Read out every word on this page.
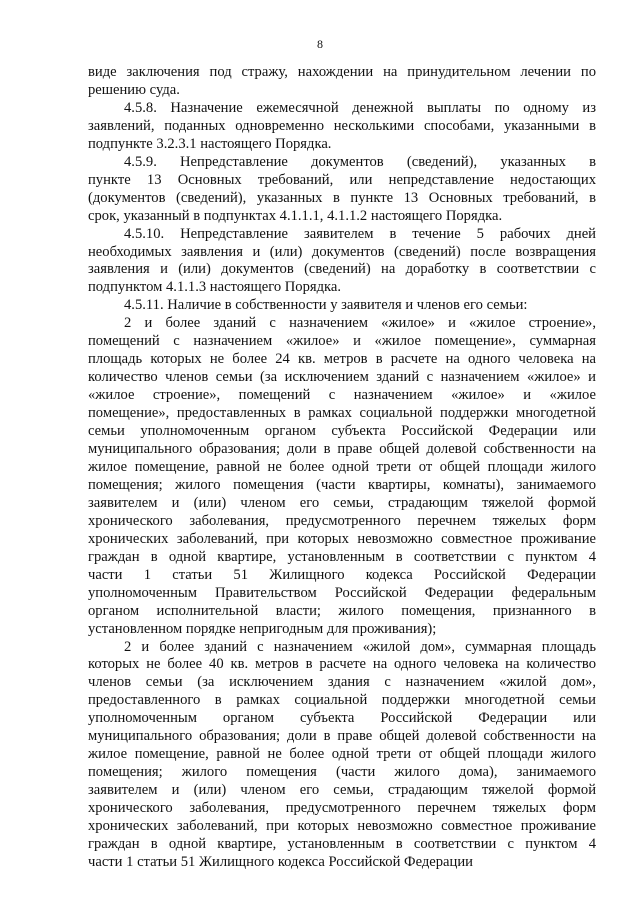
8
виде заключения под стражу, нахождении на принудительном лечении по
решению суда.
4.5.8. Назначение ежемесячной денежной выплаты по одному из
заявлений, поданных одновременно несколькими способами, указанными в
подпункте 3.2.3.1 настоящего Порядка.
4.5.9. Непредставление документов (сведений), указанных в
пункте 13 Основных требований, или непредставление недостающих
(документов (сведений), указанных в пункте 13 Основных требований, в
срок, указанный в подпунктах 4.1.1.1, 4.1.1.2 настоящего Порядка.
4.5.10. Непредставление заявителем в течение 5 рабочих дней
необходимых заявления и (или) документов (сведений) после возвращения
заявления и (или) документов (сведений) на доработку в соответствии с
подпунктом 4.1.1.3 настоящего Порядка.
4.5.11. Наличие в собственности у заявителя и членов его семьи:
2 и более зданий с назначением «жилое» и «жилое строение»,
помещений с назначением «жилое» и «жилое помещение», суммарная
площадь которых не более 24 кв. метров в расчете на одного человека на
количество членов семьи (за исключением зданий с назначением «жилое» и
«жилое строение», помещений с назначением «жилое» и «жилое
помещение», предоставленных в рамках социальной поддержки многодетной
семьи уполномоченным органом субъекта Российской Федерации или
муниципального образования; доли в праве общей долевой собственности на
жилое помещение, равной не более одной трети от общей площади жилого
помещения; жилого помещения (части квартиры, комнаты), занимаемого
заявителем и (или) членом его семьи, страдающим тяжелой формой
хронического заболевания, предусмотренного перечнем тяжелых форм
хронических заболеваний, при которых невозможно совместное проживание
граждан в одной квартире, установленным в соответствии с пунктом 4
части 1 статьи 51 Жилищного кодекса Российской Федерации
уполномоченным Правительством Российской Федерации федеральным
органом исполнительной власти; жилого помещения, признанного в
установленном порядке непригодным для проживания);
2 и более зданий с назначением «жилой дом», суммарная площадь
которых не более 40 кв. метров в расчете на одного человека на количество
членов семьи (за исключением здания с назначением «жилой дом»,
предоставленного в рамках социальной поддержки многодетной семьи
уполномоченным органом субъекта Российской Федерации или
муниципального образования; доли в праве общей долевой собственности на
жилое помещение, равной не более одной трети от общей площади жилого
помещения; жилого помещения (части жилого дома), занимаемого
заявителем и (или) членом его семьи, страдающим тяжелой формой
хронического заболевания, предусмотренного перечнем тяжелых форм
хронических заболеваний, при которых невозможно совместное проживание
граждан в одной квартире, установленным в соответствии с пунктом 4
части 1 статьи 51 Жилищного кодекса Российской Федерации
